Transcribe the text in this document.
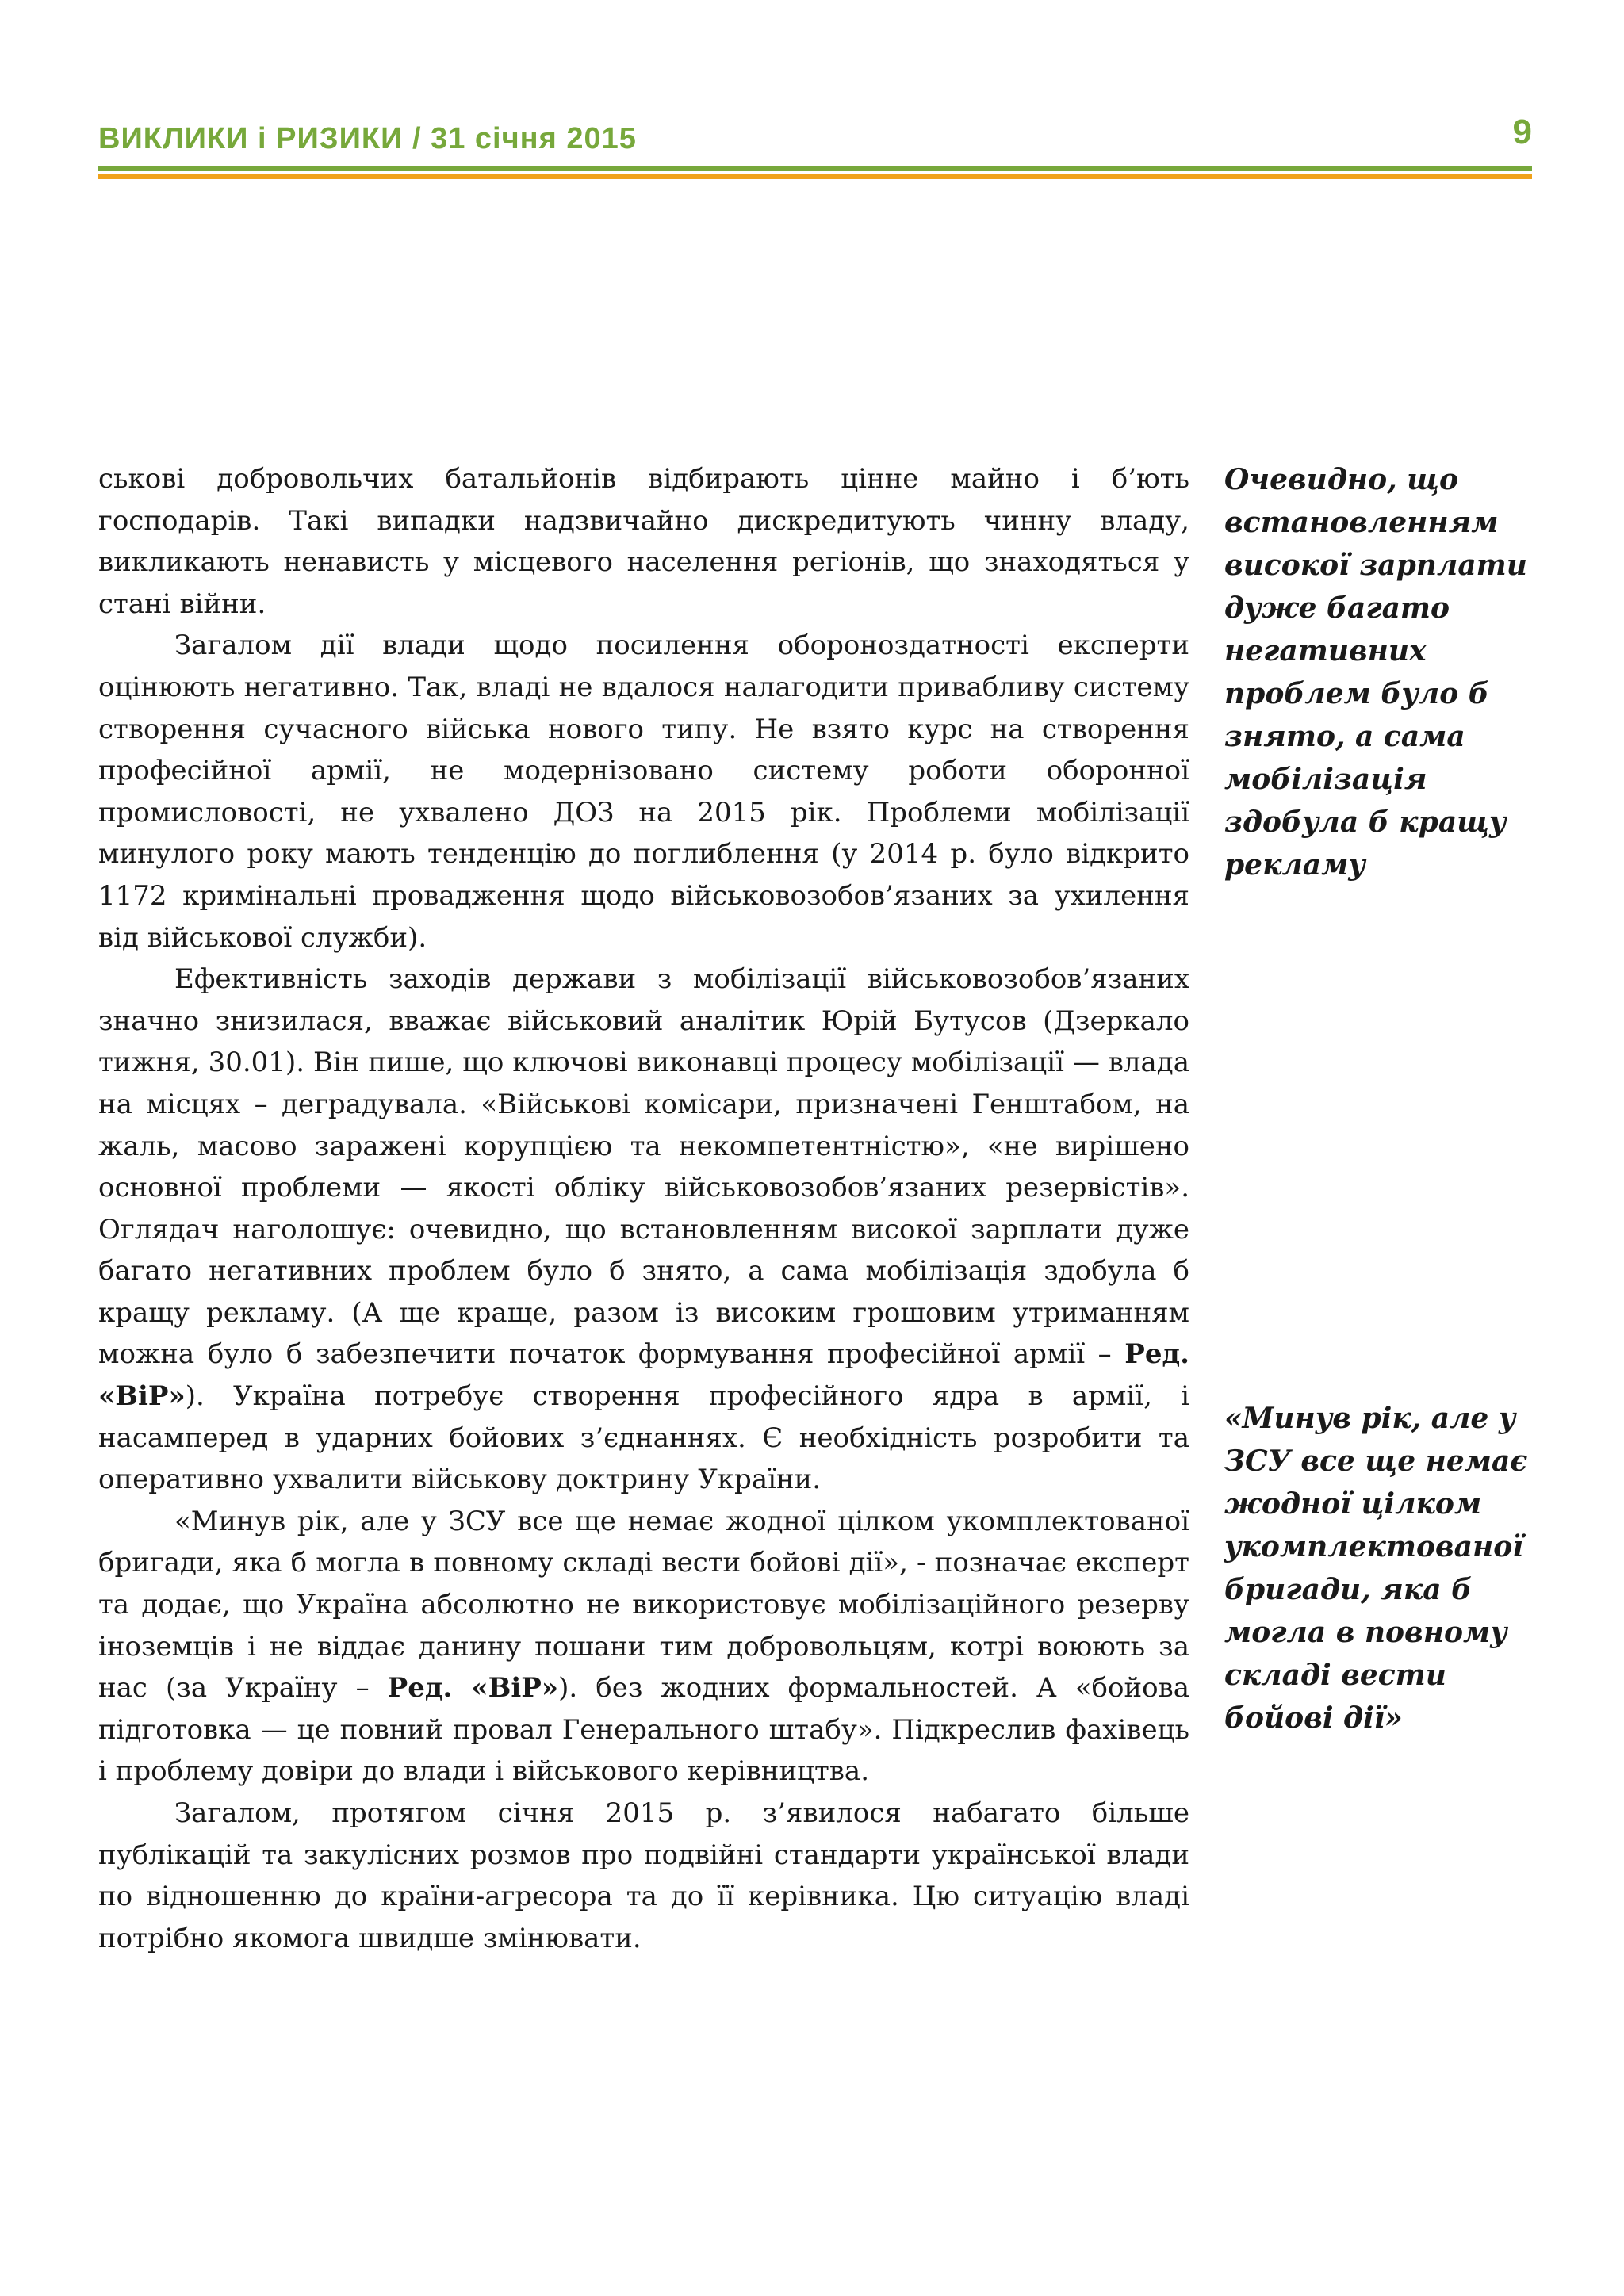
ВИКЛИКИ і РИЗИКИ / 31 січня 2015	9

ськові добровольчих батальйонів відбирають цінне майно і б’ють господарів. Такі випадки надзвичайно дискредитують чинну владу, викликають ненависть у місцевого населення регіонів, що знаходяться у стані війни.

Загалом дії влади щодо посилення обороноздатності експерти оцінюють негативно. Так, владі не вдалося налагодити привабливу систему створення сучасного війська нового типу. Не взято курс на створення професійної армії, не модернізовано систему роботи оборонної промисловості, не ухвалено ДОЗ на 2015 рік. Проблеми мобілізації минулого року мають тенденцію до поглиблення (у 2014 р. було відкрито 1172 кримінальні провадження щодо військовозобов’язаних за ухилення від військової служби).

Ефективність заходів держави з мобілізації військовозобов’язаних значно знизилася, вважає військовий аналітик Юрій Бутусов (Дзеркало тижня, 30.01). Він пише, що ключові виконавці процесу мобілізації — влада на місцях – деградувала. «Військові комісари, призначені Генштабом, на жаль, масово заражені корупцією та некомпетентністю», «не вирішено основної проблеми — якості обліку військовозобов’язаних резервістів». Оглядач наголошує: очевидно, що встановленням високої зарплати дуже багато негативних проблем було б знято, а сама мобілізація здобула б кращу рекламу. (А ще краще, разом із високим грошовим утриманням можна було б забезпечити початок формування професійної армії – Ред. «ВіР»). Україна потребує створення професійного ядра в армії, і насамперед в ударних бойових з’єднаннях. Є необхідність розробити та оперативно ухвалити військову доктрину України.

«Минув рік, але у ЗСУ все ще немає жодної цілком укомплектованої бригади, яка б могла в повному складі вести бойові дії», - позначає експерт та додає, що Україна абсолютно не використовує мобілізаційного резерву іноземців і не віддає данину пошани тим добровольцям, котрі воюють за нас (за Україну – Ред. «ВіР»). без жодних формальностей. А «бойова підготовка — це повний провал Генерального штабу». Підкреслив фахівець і проблему довіри до влади і військового керівництва.

Загалом, протягом січня 2015 р. з’явилося набагато більше публікацій та закулісних розмов про подвійні стандарти української влади по відношенню до країни-агресора та до її керівника. Цю ситуацію владі потрібно якомога швидше змінювати.

Очевидно, що встановленням високої зарплати дуже багато негативних проблем було б знято, а сама мобілізація здобула б кращу рекламу
«Минув рік, але у ЗСУ все ще немає жодної цілком укомплектованої бригади, яка б могла в повному складі вести бойові дії»
